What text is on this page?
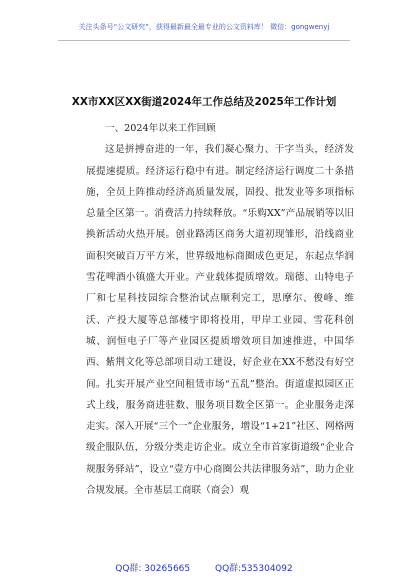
关注头条号“公文研究”，获得最新最全最专业的公文资料库！ 微信：gongwenyj
XX市XX区XX街道2024年工作总结及2025年工作计划

一、2024年以来工作回顾

这是拼搏奋进的一年，我们凝心聚力、干字当头，经济发展提速提质。经济运行稳中有进。制定经济运行调度二十条措施，全员上阵推动经济高质量发展，固投、批发业等多项指标总量全区第一。消费活力持续释放。“乐购XX”产品展销等以旧换新活动火热开展。创业路湾区商务大道初现雏形，沿线商业面积突破百万平方米，世界级地标商圈成色更足，东起点华润雪花啤酒小镇盛大开业。产业载体提质增效。瑞德、山特电子厂和七星科技园综合整治试点顺利完工，思摩尔、俊峰、维沃、产投大厦等总部楼宇即将投用，甲岸工业园、雪花科创城、润恒电子厂等产业园区提质增效项目加速推进，中国华西、紫荆文化等总部项目动工建设，好企业在XX不愁没有好空间。扎实开展产业空间租赁市场“五乱”整治。街道虚拟园区正式上线，服务商进驻数、服务项目数全区第一。企业服务走深走实。深入开展“三个一”企业服务，增设“1+21”社区、网格两级企服队伍，分级分类走访企业。成立全市首家街道级“企业合规服务驿站”，设立“壹方中心商圈公共法律服务站”，助力企业合规发展。全市基层工商联（商会）观

QQ群: 30265665	QQ群:535304092
